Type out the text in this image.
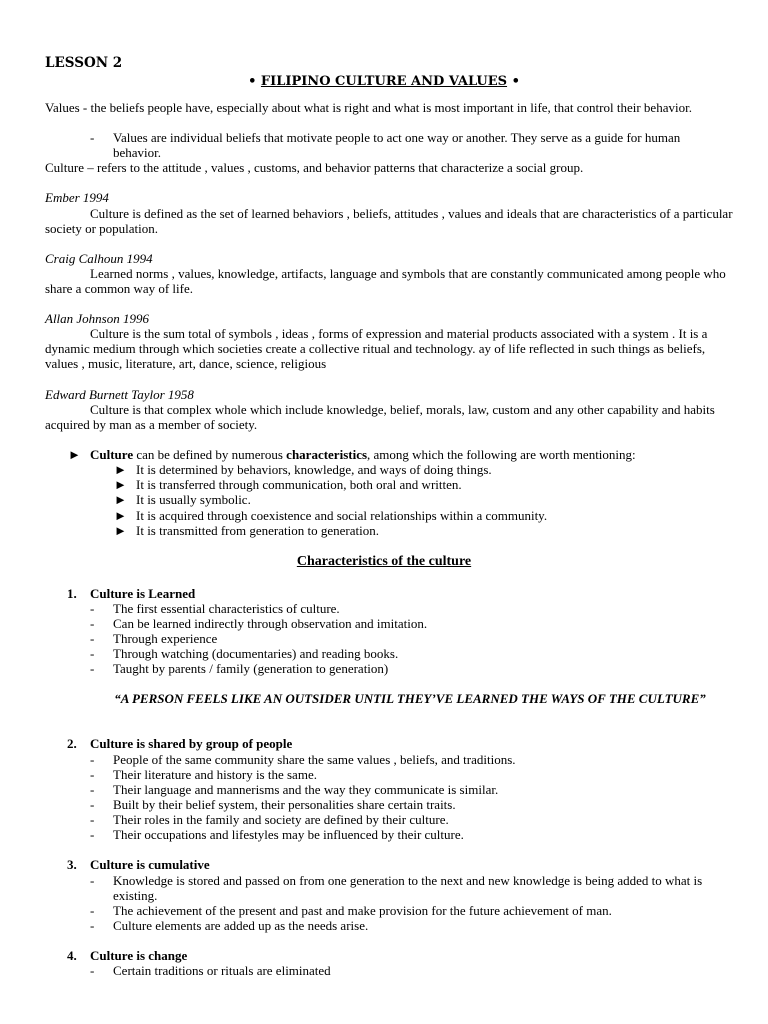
LESSON 2
• FILIPINO CULTURE AND VALUES •
Values - the beliefs people have, especially about what is right and what is most important in life, that control their behavior.
- Values are individual beliefs that motivate people to act one way or another. They serve as a guide for human behavior.
Culture – refers to the attitude , values , customs, and behavior patterns that characterize a social group.
Ember 1994
Culture is defined as the set of learned behaviors , beliefs, attitudes , values and ideals that are characteristics of a particular society or population.
Craig Calhoun 1994
Learned norms , values, knowledge, artifacts, language and symbols that are constantly communicated among people who share a common way of life.
Allan Johnson 1996
Culture is the sum total of symbols , ideas , forms of expression and material products associated with a system . It is a dynamic medium through which societies create a collective ritual and technology. ay of life reflected in such things as beliefs, values , music, literature, art, dance, science, religious
Edward Burnett Taylor 1958
Culture is that complex whole which include knowledge, belief, morals, law, custom and any other capability and habits acquired by man as a member of society.
► Culture can be defined by numerous characteristics, among which the following are worth mentioning:
► It is determined by behaviors, knowledge, and ways of doing things.
► It is transferred through communication, both oral and written.
► It is usually symbolic.
► It is acquired through coexistence and social relationships within a community.
► It is transmitted from generation to generation.
Characteristics of the culture
1. Culture is Learned
- The first essential characteristics of culture.
- Can be learned indirectly through observation and imitation.
- Through experience
- Through watching (documentaries) and reading books.
- Taught by parents / family (generation to generation)
“A PERSON FEELS LIKE AN OUTSIDER UNTIL THEY’VE LEARNED THE WAYS OF THE CULTURE”
2. Culture is shared by group of people
- People of the same community share the same values , beliefs, and traditions.
- Their literature and history is the same.
- Their language and mannerisms and the way they communicate is similar.
- Built by their belief system, their personalities share certain traits.
- Their roles in the family and society are defined by their culture.
- Their occupations and lifestyles may be influenced by their culture.
3. Culture is cumulative
- Knowledge is stored and passed on from one generation to the next and new knowledge is being added to what is existing.
- The achievement of the present and past and make provision for the future achievement of man.
- Culture elements are added up as the needs arise.
4. Culture is change
- Certain traditions or rituals are eliminated
